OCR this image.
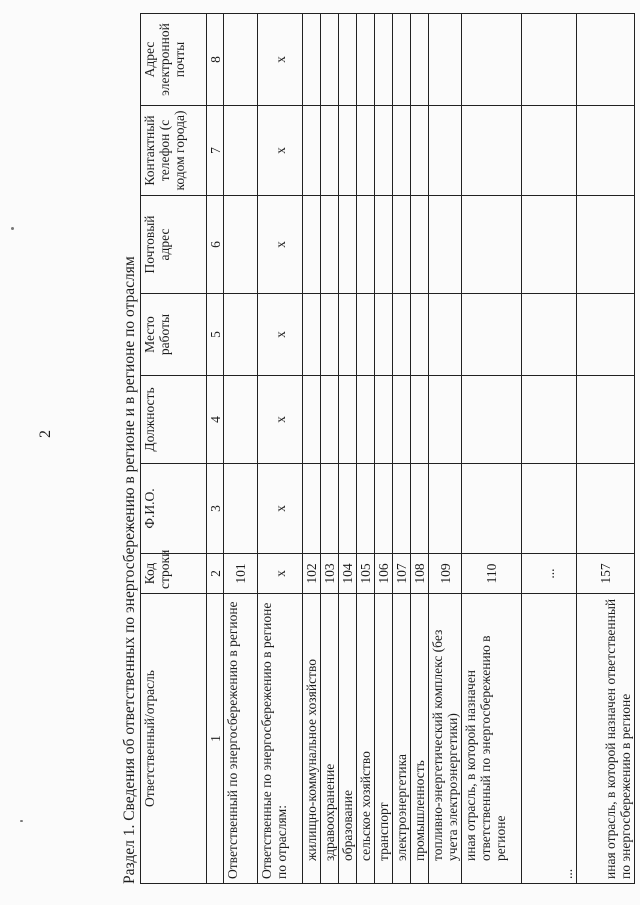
2	Раздел 1. Сведения об ответственных по энергосбережению в регионе и в регионе по отраслям Ответственный/отрасль	Код строки	Ф.И.О.	Должность	Место работы	Почтовый адрес	Контактный телефон (с кодом города)	Адрес электронной почты
1	2	3	4	5	6	7	8
Ответственный по энергосбережению в регионе	101						
Ответственные по энергосбережению в регионе по отраслям:	х	х	х	х	х	х	х
жилищно-коммунальное хозяйство	102						
здравоохранение	103						
образование	104						
сельское хозяйство	105						
транспорт	106						
электроэнергетика	107						
промышленность	108						
топливно-энергетический комплекс (без учета электроэнергетики)	109						
иная отрасль, в которой назначен ответственный по энергосбережению в регионе	110						
...	...						
иная отрасль, в которой назначен ответственный по энергосбережению в регионе	157						
